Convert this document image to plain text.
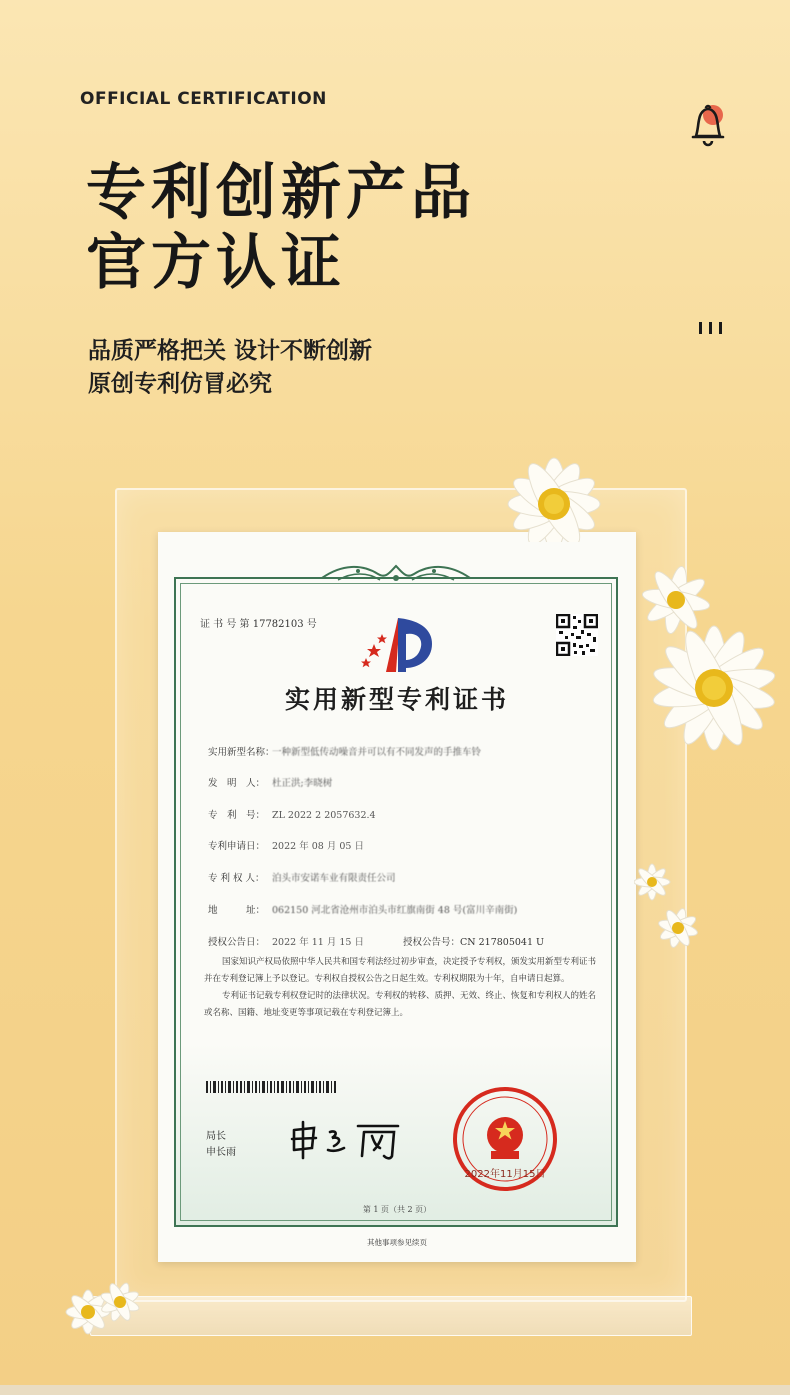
OFFICIAL CERTIFICATION
专利创新产品
官方认证
品质严格把关 设计不断创新
原创专利仿冒必究
证 书 号 第 17782103 号
实用新型专利证书
实用新型名称：一种新型低传动噪音并可以有不同发声的手推车铃
发　明　人： 杜正洪;李晓树
专　利　号： ZL 2022 2 2057632.4
专利申请日： 2022 年 08 月 05 日
专 利 权 人： 泊头市安诺车业有限责任公司
地　　　址： 062150 河北省沧州市泊头市红旗南街 48 号(富川辛南街)
授权公告日： 2022 年 11 月 15 日	授权公告号：CN 217805041 U

国家知识产权局依照中华人民共和国专利法经过初步审查，决定授予专利权，颁发实用新型专利证书并在专利登记簿上予以登记。专利权自授权公告之日起生效。专利权期限为十年，自申请日起算。

专利证书记载专利权登记时的法律状况。专利权的转移、质押、无效、终止、恢复和专利权人的姓名或名称、国籍、地址变更等事项记载在专利登记簿上。

局长
申长雨
2022年11月15日
第 1 页（共 2 页）
其他事项参见续页
